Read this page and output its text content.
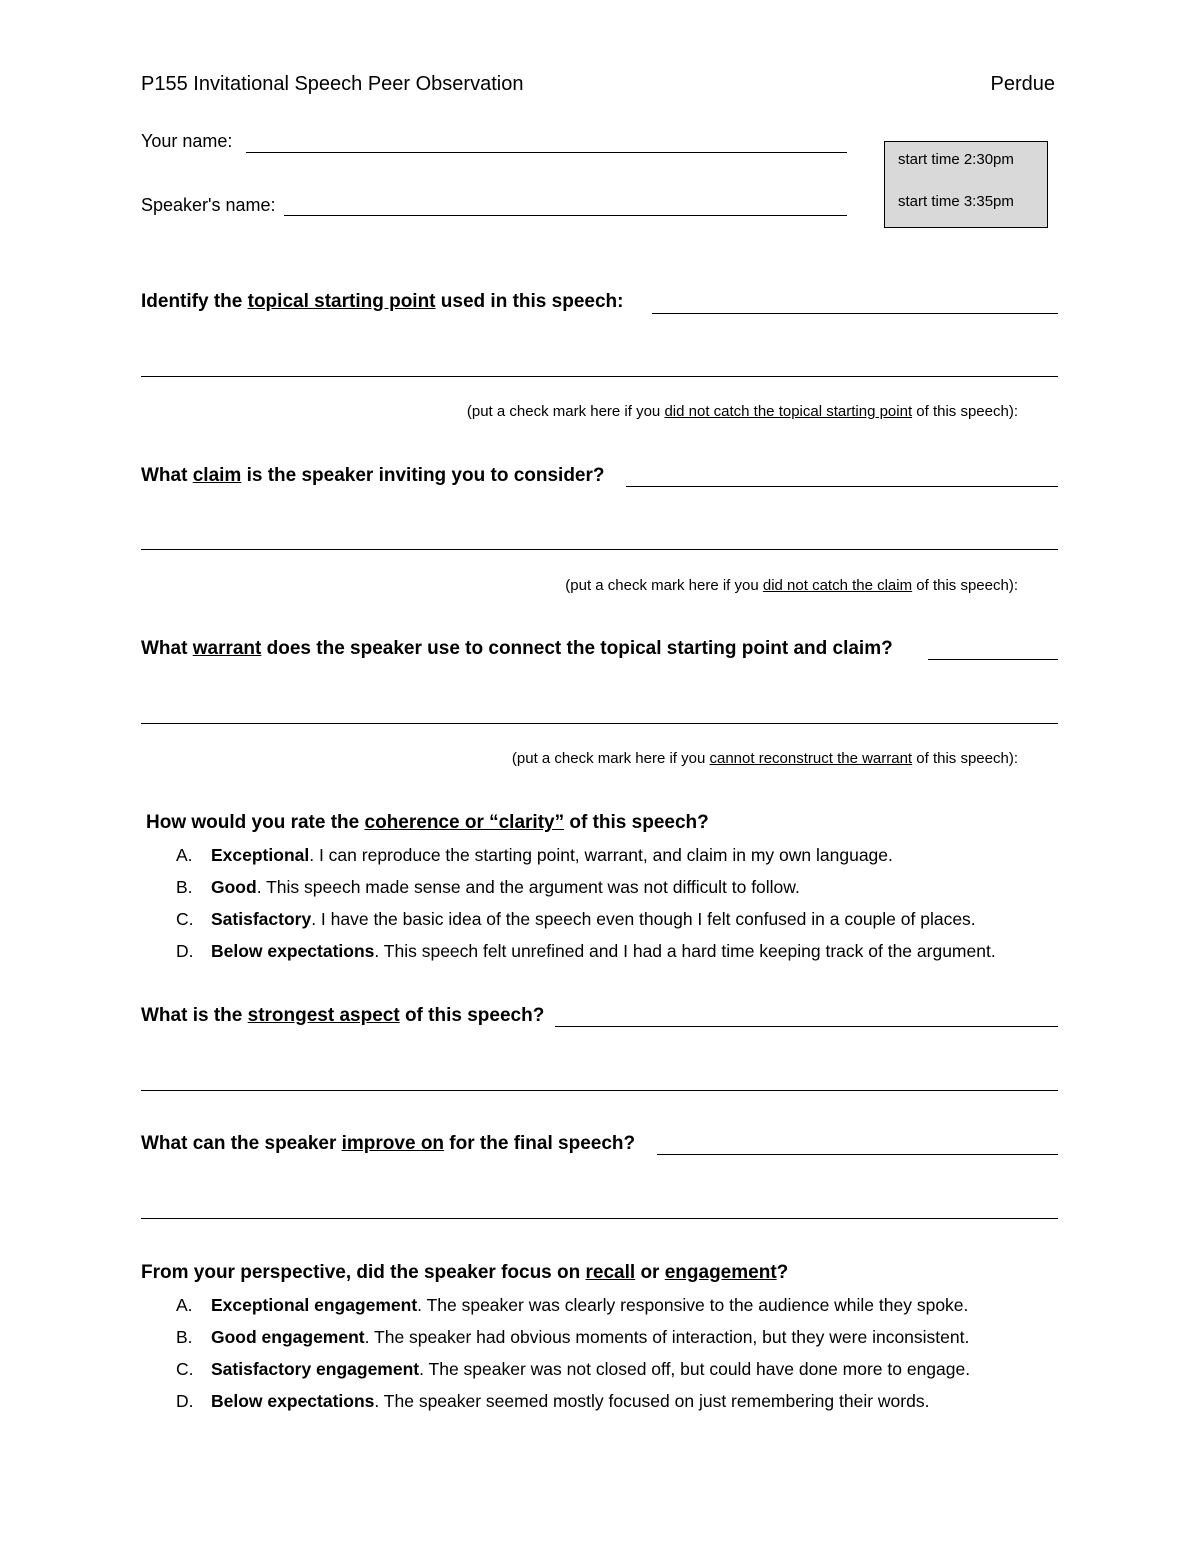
P155 Invitational Speech Peer Observation	Perdue
Your name:
Speaker's name:
start time 2:30pm
start time 3:35pm
Identify the topical starting point used in this speech:
(put a check mark here if you did not catch the topical starting point of this speech):
What claim is the speaker inviting you to consider?
(put a check mark here if you did not catch the claim of this speech):
What warrant does the speaker use to connect the topical starting point and claim?
(put a check mark here if you cannot reconstruct the warrant of this speech):
How would you rate the coherence or “clarity” of this speech?
A. Exceptional. I can reproduce the starting point, warrant, and claim in my own language.
B. Good. This speech made sense and the argument was not difficult to follow.
C. Satisfactory. I have the basic idea of the speech even though I felt confused in a couple of places.
D. Below expectations. This speech felt unrefined and I had a hard time keeping track of the argument.
What is the strongest aspect of this speech?
What can the speaker improve on for the final speech?
From your perspective, did the speaker focus on recall or engagement?
A. Exceptional engagement. The speaker was clearly responsive to the audience while they spoke.
B. Good engagement. The speaker had obvious moments of interaction, but they were inconsistent.
C. Satisfactory engagement. The speaker was not closed off, but could have done more to engage.
D. Below expectations. The speaker seemed mostly focused on just remembering their words.
